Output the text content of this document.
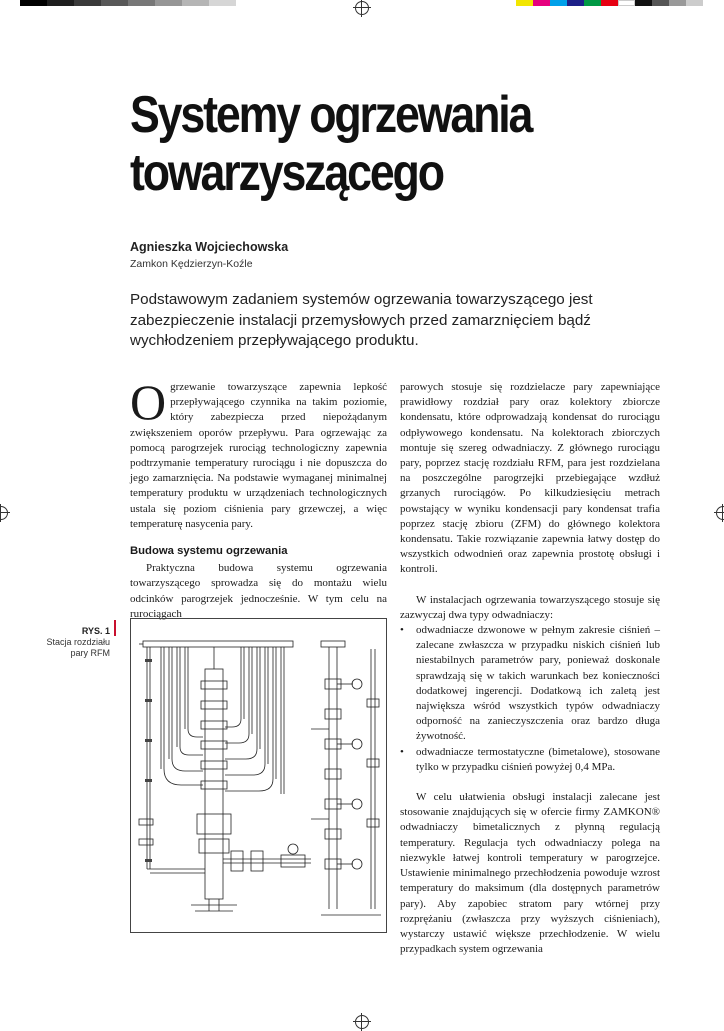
Systemy ogrzewania towarzyszącego
Agnieszka Wojciechowska
Zamkon Kędzierzyn-Koźle
Podstawowym zadaniem systemów ogrzewania towarzyszącego jest zabezpieczenie instalacji przemysłowych przed zamarznięciem bądź wychłodzeniem przepływającego produktu.

Ogrzewanie towarzyszące zapewnia lepkość przepływającego czynnika na takim poziomie, który zabezpiecza przed niepożądanym zwiększeniem oporów przepływu. Para ogrzewając za pomocą parogrzejek rurociąg technologiczny zapewnia podtrzymanie temperatury rurociągu i nie dopuszcza do jego zamarznięcia. Na podstawie wymaganej minimalnej temperatury produktu w urządzeniach technologicznych ustala się poziom ciśnienia pary grzewczej, a więc temperaturę nasycenia pary.

Budowa systemu ogrzewania

Praktyczna budowa systemu ogrzewania towarzyszącego sprowadza się do montażu wielu odcinków parogrzejek jednocześnie. W tym celu na rurociągach

parowych stosuje się rozdzielacze pary zapewniające prawidłowy rozdział pary oraz kolektory zbiorcze kondensatu, które odprowadzają kondensat do rurociągu odpływowego kondensatu. Na kolektorach zbiorczych montuje się szereg odwadniaczy. Z głównego rurociągu pary, poprzez stację rozdziału RFM, para jest rozdzielana na poszczególne parogrzejki przebiegające wzdłuż grzanych rurociągów. Po kilkudziesięciu metrach powstający w wyniku kondensacji pary kondensat trafia poprzez stację zbioru (ZFM) do głównego kolektora kondensatu. Takie rozwiązanie zapewnia łatwy dostęp do wszystkich odwodnień oraz zapewnia prostotę obsługi i kontroli.

W instalacjach ogrzewania towarzyszącego stosuje się zazwyczaj dwa typy odwadniaczy:

• odwadniacze dzwonowe w pełnym zakresie ciśnień – zalecane zwłaszcza w przypadku niskich ciśnień lub niestabilnych parametrów pary, ponieważ doskonale sprawdzają się w takich warunkach bez konieczności dodatkowej ingerencji. Dodatkową ich zaletą jest największa wśród wszystkich typów odwadniaczy odporność na zanieczyszczenia oraz bardzo długa żywotność.
• odwadniacze termostatyczne (bimetalowe), stosowane tylko w przypadku ciśnień powyżej 0,4 MPa.

W celu ułatwienia obsługi instalacji zalecane jest stosowanie znajdujących się w ofercie firmy ZAMKON® odwadniaczy bimetalicznych z płynną regulacją temperatury. Regulacja tych odwadniaczy polega na niezwykle łatwej kontroli temperatury w parogrzejce. Ustawienie minimalnego przechłodzenia powoduje wzrost temperatury do maksimum (dla dostępnych parametrów pary). Aby zapobiec stratom pary wtórnej przy rozprężaniu (zwłaszcza przy wyższych ciśnieniach), wystarczy ustawić większe przechłodzenie. W wielu przypadkach system ogrzewania

RYS. 1
Stacja rozdziału pary RFM
